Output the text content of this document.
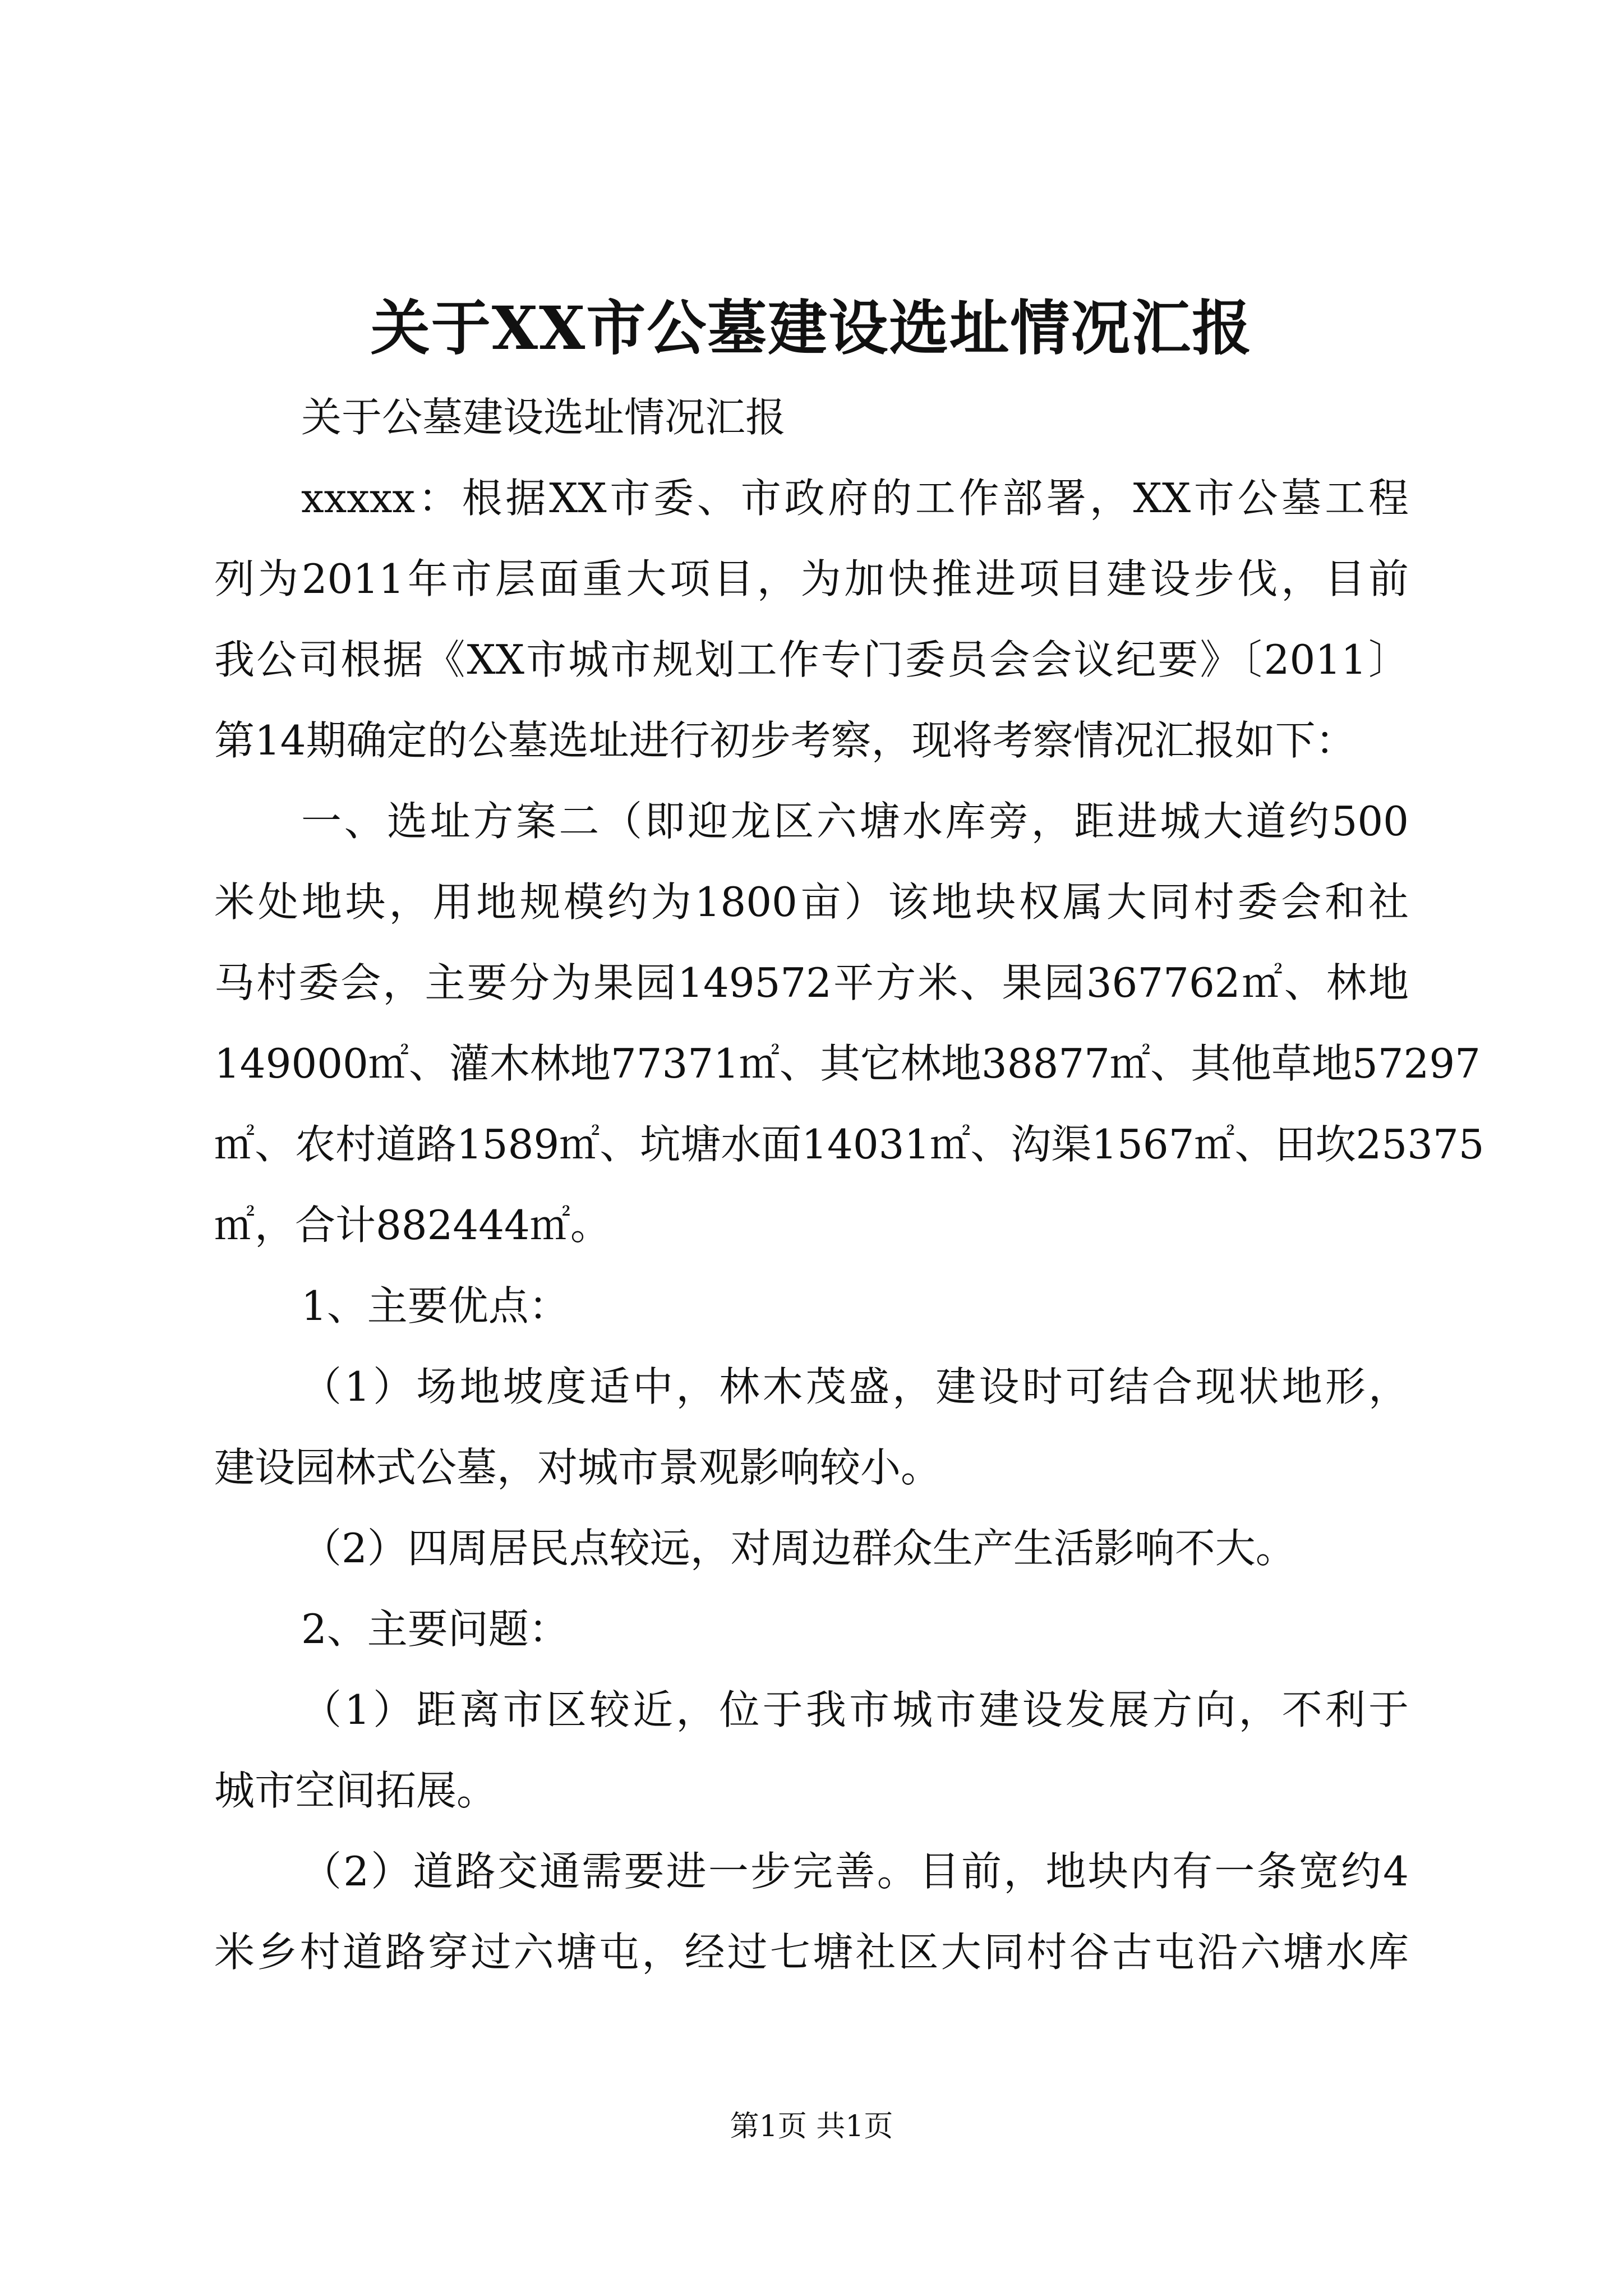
关于XX市公墓建设选址情况汇报
关于公墓建设选址情况汇报
xxxxx：根据XX市委、市政府的工作部署，XX市公墓工程
列为2011年市层面重大项目，为加快推进项目建设步伐，目前
我公司根据《XX市城市规划工作专门委员会会议纪要》〔2011〕
第14期确定的公墓选址进行初步考察，现将考察情况汇报如下：
一、选址方案二（即迎龙区六塘水库旁，距进城大道约500
米处地块，用地规模约为1800亩）该地块权属大同村委会和社
马村委会，主要分为果园149572平方米、果园367762㎡、林地
149000㎡、灌木林地77371㎡、其它林地38877㎡、其他草地57297
㎡、农村道路1589㎡、坑塘水面14031㎡、沟渠1567㎡、田坎25375
㎡，合计882444㎡。
1、主要优点：
（1）场地坡度适中，林木茂盛，建设时可结合现状地形，
建设园林式公墓，对城市景观影响较小。
（2）四周居民点较远，对周边群众生产生活影响不大。
2、主要问题：
（1）距离市区较近，位于我市城市建设发展方向，不利于
城市空间拓展。
（2）道路交通需要进一步完善。目前，地块内有一条宽约4
米乡村道路穿过六塘屯，经过七塘社区大同村谷古屯沿六塘水库
第1页 共1页
